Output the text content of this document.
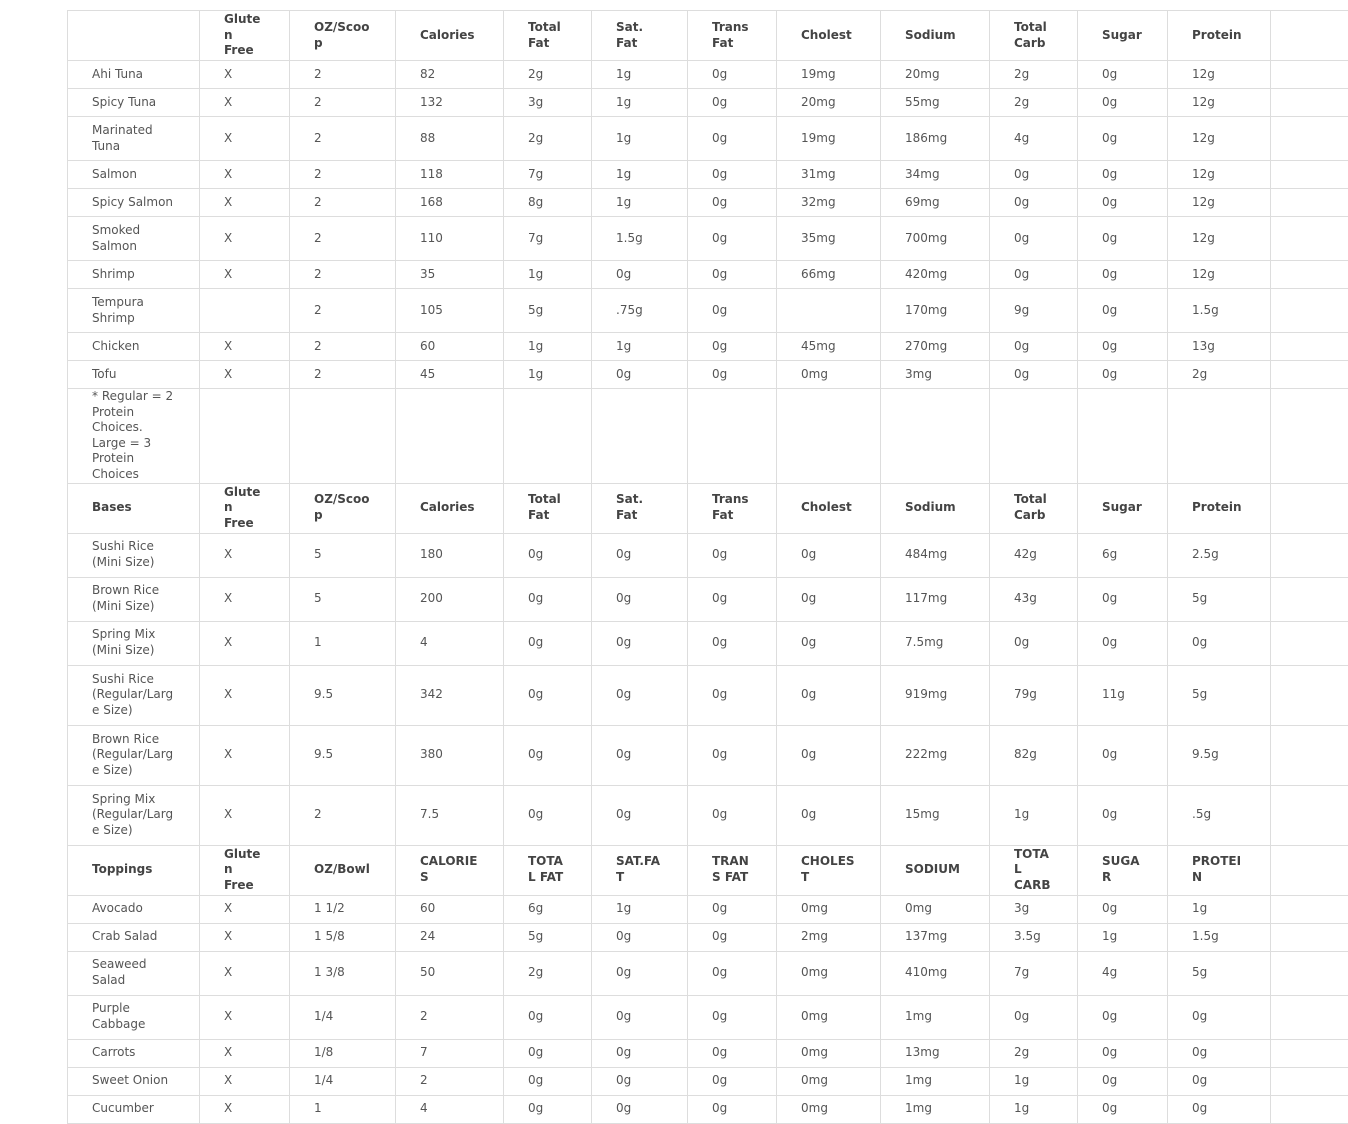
	Gluten Free	OZ/Scoop	Calories	Total Fat	Sat. Fat	Trans Fat	Cholest	Sodium	Total Carb	Sugar	Protein	
Ahi Tuna	X	2	82	2g	1g	0g	19mg	20mg	2g	0g	12g	
Spicy Tuna	X	2	132	3g	1g	0g	20mg	55mg	2g	0g	12g	
Marinated Tuna	X	2	88	2g	1g	0g	19mg	186mg	4g	0g	12g	
Salmon	X	2	118	7g	1g	0g	31mg	34mg	0g	0g	12g	
Spicy Salmon	X	2	168	8g	1g	0g	32mg	69mg	0g	0g	12g	
Smoked Salmon	X	2	110	7g	1.5g	0g	35mg	700mg	0g	0g	12g	
Shrimp	X	2	35	1g	0g	0g	66mg	420mg	0g	0g	12g	
Tempura Shrimp		2	105	5g	.75g	0g		170mg	9g	0g	1.5g	
Chicken	X	2	60	1g	1g	0g	45mg	270mg	0g	0g	13g	
Tofu	X	2	45	1g	0g	0g	0mg	3mg	0g	0g	2g	
* Regular = 2 Protein Choices. Large = 3 Protein Choices												
Bases	Gluten Free	OZ/Scoop	Calories	Total Fat	Sat. Fat	Trans Fat	Cholest	Sodium	Total Carb	Sugar	Protein	
Sushi Rice (Mini Size)	X	5	180	0g	0g	0g	0g	484mg	42g	6g	2.5g	
Brown Rice (Mini Size)	X	5	200	0g	0g	0g	0g	117mg	43g	0g	5g	
Spring Mix (Mini Size)	X	1	4	0g	0g	0g	0g	7.5mg	0g	0g	0g	
Sushi Rice (Regular/Large Size)	X	9.5	342	0g	0g	0g	0g	919mg	79g	11g	5g	
Brown Rice (Regular/Large Size)	X	9.5	380	0g	0g	0g	0g	222mg	82g	0g	9.5g	
Spring Mix (Regular/Large Size)	X	2	7.5	0g	0g	0g	0g	15mg	1g	0g	.5g	
Toppings	Gluten Free	OZ/Bowl	CALORIES	TOTAL FAT	SAT.FAT	TRANS FAT	CHOLEST	SODIUM	TOTAL CARB	SUGAR	PROTEIN	
Avocado	X	1 1/2	60	6g	1g	0g	0mg	0mg	3g	0g	1g	
Crab Salad	X	1 5/8	24	5g	0g	0g	2mg	137mg	3.5g	1g	1.5g	
Seaweed Salad	X	1 3/8	50	2g	0g	0g	0mg	410mg	7g	4g	5g	
Purple Cabbage	X	1/4	2	0g	0g	0g	0mg	1mg	0g	0g	0g	
Carrots	X	1/8	7	0g	0g	0g	0mg	13mg	2g	0g	0g	
Sweet Onion	X	1/4	2	0g	0g	0g	0mg	1mg	1g	0g	0g	
Cucumber	X	1	4	0g	0g	0g	0mg	1mg	1g	0g	0g	
